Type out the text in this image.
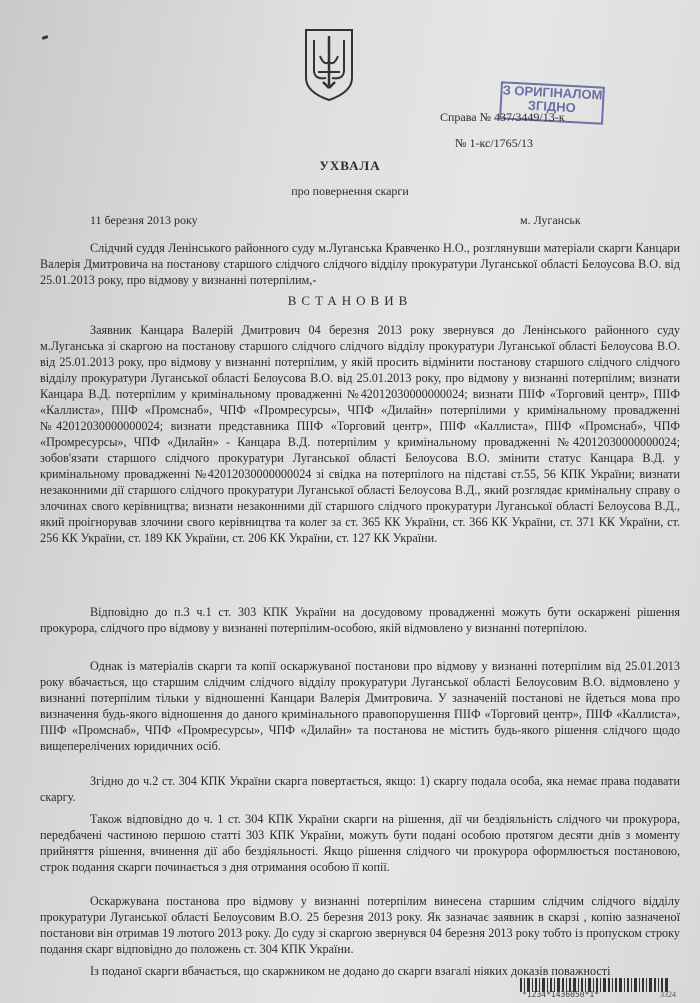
З ОРИГІНАЛОМ
ЗГІДНО
Справа № 437/3449/13-к
№ 1-кс/1765/13
УХВАЛА
про повернення скарги
11 березня 2013 року	м. Луганськ

Слідчий суддя Ленінського районного суду м.Луганська Кравченко Н.О., розглянувши матеріали скарги Канцари Валерія Дмитровича на постанову старшого слідчого слідчого відділу прокуратури Луганської області Белоусова В.О. від 25.01.2013 року, про відмову у визнанні потерпілим,-

ВСТАНОВИВ

Заявник Канцара Валерій Дмитрович 04 березня 2013 року звернувся до Ленінського районного суду м.Луганська зі скаргою на постанову старшого слідчого слідчого відділу прокуратури Луганської області Белоусова В.О. від 25.01.2013 року, про відмову у визнанні потерпілим, у якій просить відмінити постанову старшого слідчого слідчого відділу прокуратури Луганської області Белоусова В.О. від 25.01.2013 року, про відмову у визнанні потерпілим; визнати Канцара В.Д. потерпілим у кримінальному провадженні №42012030000000024; визнати ПІІФ «Торговий центр», ПІІФ «Каллиста», ПІІФ «Промснаб», ЧПФ «Промресурсы», ЧПФ «Дилайн» потерпілими у кримінальному провадженні №42012030000000024; визнати представника ПІІФ «Торговий центр», ПІІФ «Каллиста», ПІІФ «Промснаб», ЧПФ «Промресурсы», ЧПФ «Дилайн» - Канцара В.Д. потерпілим у кримінальному провадженні №42012030000000024; зобов'язати старшого слідчого прокуратури Луганської області Белоусова В.О. змінити статус Канцара В.Д. у кримінальному провадженні №42012030000000024 зі свідка на потерпілого на підставі ст.55, 56 КПК України; визнати незаконними дії старшого слідчого прокуратури Луганської області Белоусова В.Д., який розглядає кримінальну справу о злочинах свого керівництва; визнати незаконними дії старшого слідчого прокуратури Луганської області Белоусова В.Д., який проігнорував злочини свого керівництва та колег за ст. 365 КК України, ст. 366 КК України, ст. 371 КК України, ст. 256 КК України, ст. 189 КК України, ст. 206 КК України, ст. 127 КК України.

Відповідно до п.3 ч.1 ст. 303 КПК України на досудовому провадженні можуть бути оскаржені рішення прокурора, слідчого про відмову у визнанні потерпілим-особою, якій відмовлено у визнанні потерпілою.

Однак із матеріалів скарги та копії оскаржуваної постанови про відмову у визнанні потерпілим від 25.01.2013 року вбачається, що старшим слідчим слідчого відділу прокуратури Луганської області Белоусовим В.О. відмовлено у визнанні потерпілим тільки у відношенні Канцари Валерія Дмитровича. У зазначеній постанові не йдеться мова про визначення будь-якого відношення до даного кримінального правопорушення ПІІФ «Торговий центр», ПІІФ «Каллиста», ПІІФ «Промснаб», ЧПФ «Промресурсы», ЧПФ «Дилайн» та постанова не містить будь-якого рішення слідчого щодо вищеперелічених юридичних осіб.

Згідно до ч.2 ст. 304 КПК України скарга повертається, якщо: 1) скаргу подала особа, яка немає права подавати скаргу.

Також відповідно до ч. 1 ст. 304 КПК України скарги на рішення, дії чи бездіяльність слідчого чи прокурора, передбачені частиною першою статті 303 КПК України, можуть бути подані особою протягом десяти днів з моменту прийняття рішення, вчинення дії або бездіяльності. Якщо рішення слідчого чи прокурора оформлюється постановою, строк подання скарги починається з дня отримання особою її копії.

Оскаржувана постанова про відмову у визнанні потерпілим винесена старшим слідчим слідчого відділу прокуратури Луганської області Белоусовим В.О. 25 березня 2013 року. Як зазначає заявник в скарзі , копію зазначеної постанови він отримав 19 лютого 2013 року. До суду зі скаргою звернувся 04 березня 2013 року тобто із пропуском строку подання скарг відповідно до положень ст. 304 КПК України.

Із поданої скарги вбачається, що скаржником не додано до скарги взагалі ніяких доказів поважності

*1234*1436050*1*	3324
